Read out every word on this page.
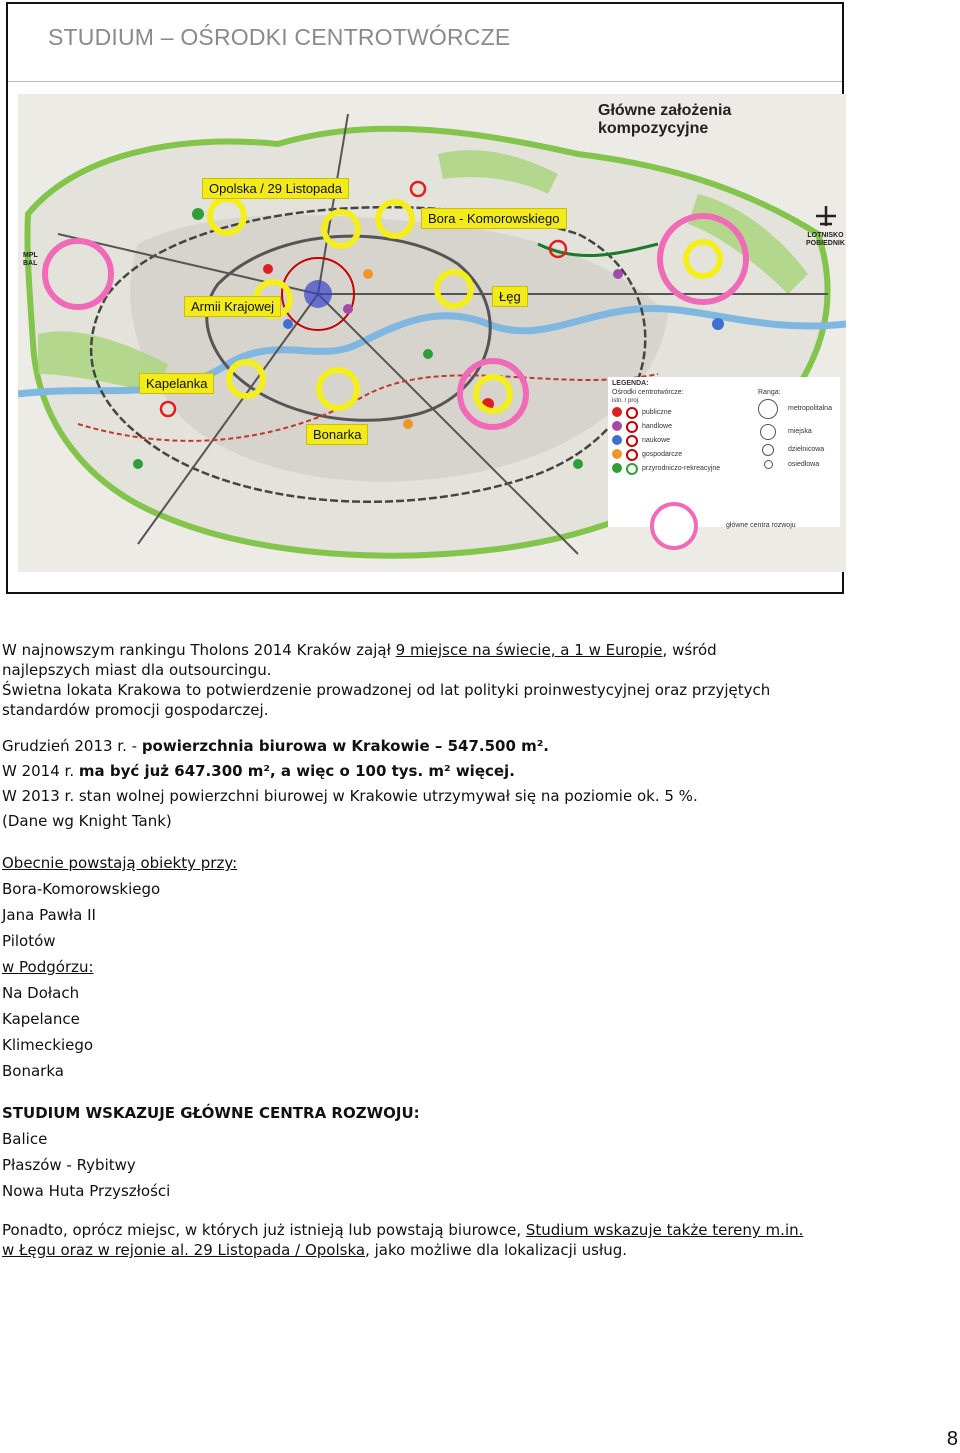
STUDIUM – OŚRODKI CENTROTWÓRCZE
Główne założenia kompozycyjne
Opolska / 29 Listopada
Bora - Komorowskiego
Armii Krajowej
Łęg
Kapelanka
Bonarka
MPL
BAL
LOTNISKO
POBIEDNIK
LEGENDA:
Ośrodki centrotwórcze:
istn. / proj.
Ranga:
publiczne
handlowe
naukowe
gospodarcze
przyrodniczo-rekreacyjne
metropolitalna
miejska
dzielnicowa
osiedlowa
główne centra rozwoju

W najnowszym rankingu Tholons 2014 Kraków zajął 9 miejsce na świecie, a 1 w Europie, wśród
najlepszych miast dla outsourcingu.

Świetna lokata Krakowa to potwierdzenie prowadzonej od lat polityki proinwestycyjnej oraz przyjętych
standardów promocji gospodarczej.

Grudzień 2013 r. - powierzchnia biurowa w Krakowie – 547.500 m².

W 2014 r. ma być już 647.300 m², a więc o 100 tys. m² więcej.

W 2013 r. stan wolnej powierzchni biurowej w Krakowie utrzymywał się na poziomie ok. 5 %.

(Dane wg Knight Tank)

Obecnie powstają obiekty przy:

Bora-Komorowskiego

Jana Pawła II

Pilotów

w Podgórzu:

Na Dołach

Kapelance

Klimeckiego

Bonarka

STUDIUM WSKAZUJE GŁÓWNE CENTRA ROZWOJU:

Balice

Płaszów - Rybitwy

Nowa Huta Przyszłości

Ponadto, oprócz miejsc, w których już istnieją lub powstają biurowce, Studium wskazuje także tereny m.in.
w Łęgu oraz w rejonie al. 29 Listopada / Opolska, jako możliwe dla lokalizacji usług.

8
